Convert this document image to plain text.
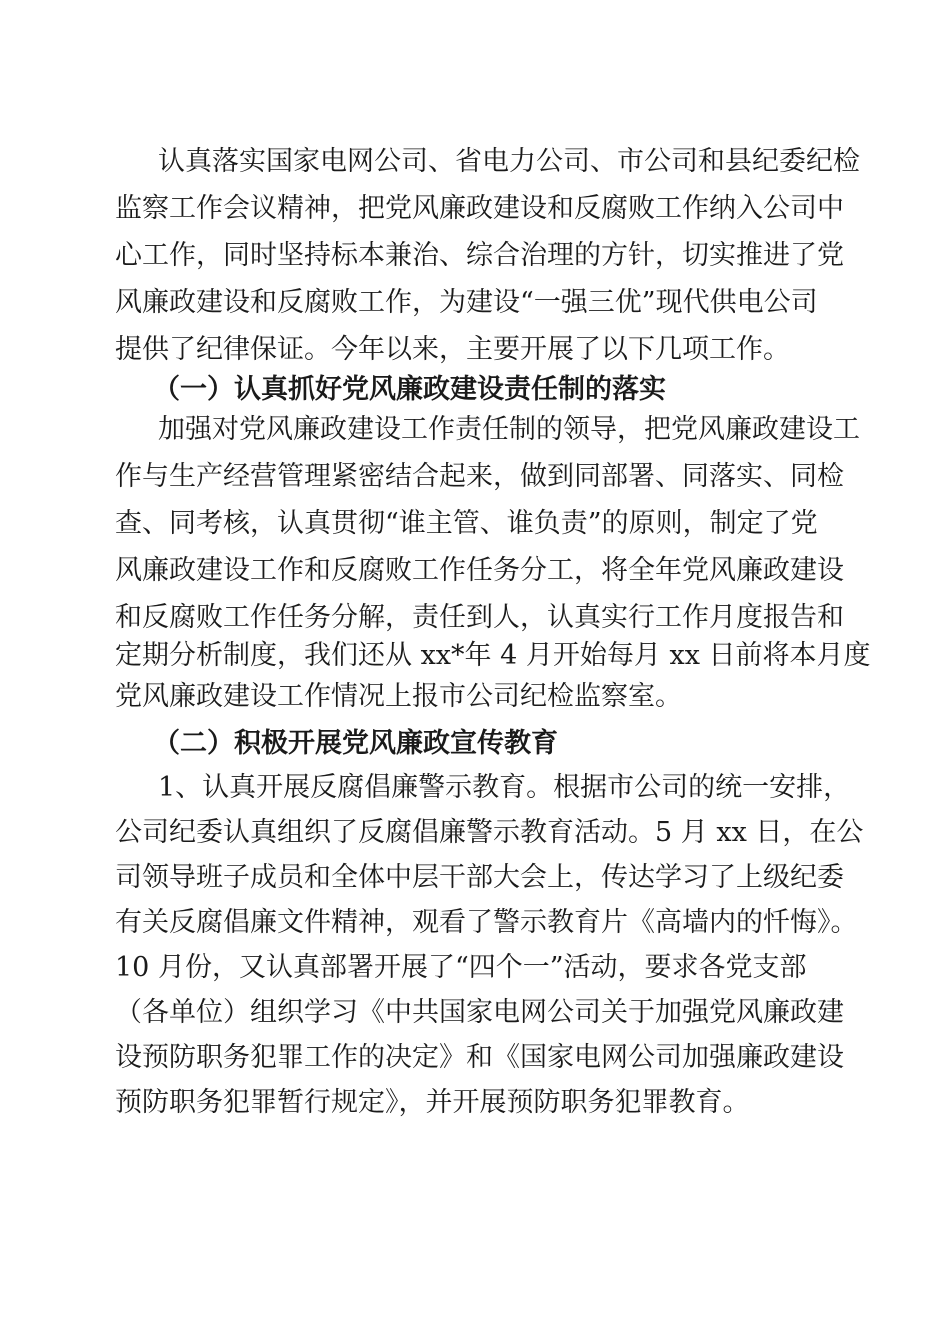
认真落实国家电网公司、省电力公司、市公司和县纪委纪检
监察工作会议精神，把党风廉政建设和反腐败工作纳入公司中
心工作，同时坚持标本兼治、综合治理的方针，切实推进了党
风廉政建设和反腐败工作，为建设“一强三优”现代供电公司
提供了纪律保证。今年以来，主要开展了以下几项工作。
（一）认真抓好党风廉政建设责任制的落实
加强对党风廉政建设工作责任制的领导，把党风廉政建设工
作与生产经营管理紧密结合起来，做到同部署、同落实、同检
查、同考核，认真贯彻“谁主管、谁负责”的原则，制定了党
风廉政建设工作和反腐败工作任务分工，将全年党风廉政建设
和反腐败工作任务分解，责任到人，认真实行工作月度报告和
定期分析制度，我们还从 xx*年 4 月开始每月 xx 日前将本月度
党风廉政建设工作情况上报市公司纪检监察室。
（二）积极开展党风廉政宣传教育
1、认真开展反腐倡廉警示教育。根据市公司的统一安排，
公司纪委认真组织了反腐倡廉警示教育活动。5 月 xx 日，在公
司领导班子成员和全体中层干部大会上，传达学习了上级纪委
有关反腐倡廉文件精神，观看了警示教育片《高墙内的忏悔》。
10 月份，又认真部署开展了“四个一”活动，要求各党支部
（各单位）组织学习《中共国家电网公司关于加强党风廉政建
设预防职务犯罪工作的决定》和《国家电网公司加强廉政建设
预防职务犯罪暂行规定》，并开展预防职务犯罪教育。
